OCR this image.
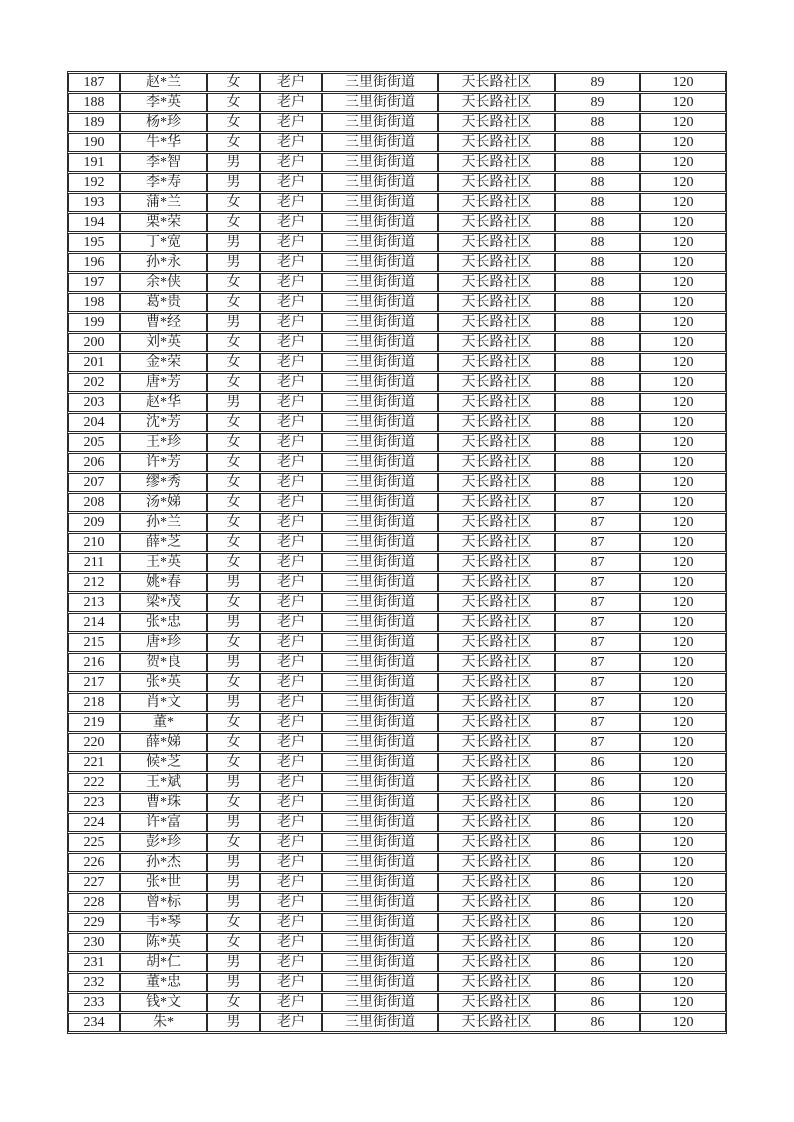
187	赵*兰	女	老户	三里街街道	天长路社区	89	120
188	李*英	女	老户	三里街街道	天长路社区	89	120
189	杨*珍	女	老户	三里街街道	天长路社区	88	120
190	牛*华	女	老户	三里街街道	天长路社区	88	120
191	李*智	男	老户	三里街街道	天长路社区	88	120
192	李*寿	男	老户	三里街街道	天长路社区	88	120
193	蒲*兰	女	老户	三里街街道	天长路社区	88	120
194	栗*荣	女	老户	三里街街道	天长路社区	88	120
195	丁*宽	男	老户	三里街街道	天长路社区	88	120
196	孙*永	男	老户	三里街街道	天长路社区	88	120
197	余*侠	女	老户	三里街街道	天长路社区	88	120
198	葛*贵	女	老户	三里街街道	天长路社区	88	120
199	曹*经	男	老户	三里街街道	天长路社区	88	120
200	刘*英	女	老户	三里街街道	天长路社区	88	120
201	金*荣	女	老户	三里街街道	天长路社区	88	120
202	唐*芳	女	老户	三里街街道	天长路社区	88	120
203	赵*华	男	老户	三里街街道	天长路社区	88	120
204	沈*芳	女	老户	三里街街道	天长路社区	88	120
205	王*珍	女	老户	三里街街道	天长路社区	88	120
206	许*芳	女	老户	三里街街道	天长路社区	88	120
207	缪*秀	女	老户	三里街街道	天长路社区	88	120
208	汤*娣	女	老户	三里街街道	天长路社区	87	120
209	孙*兰	女	老户	三里街街道	天长路社区	87	120
210	薛*芝	女	老户	三里街街道	天长路社区	87	120
211	王*英	女	老户	三里街街道	天长路社区	87	120
212	姚*春	男	老户	三里街街道	天长路社区	87	120
213	梁*茂	女	老户	三里街街道	天长路社区	87	120
214	张*忠	男	老户	三里街街道	天长路社区	87	120
215	唐*珍	女	老户	三里街街道	天长路社区	87	120
216	贺*良	男	老户	三里街街道	天长路社区	87	120
217	张*英	女	老户	三里街街道	天长路社区	87	120
218	肖*文	男	老户	三里街街道	天长路社区	87	120
219	董*	女	老户	三里街街道	天长路社区	87	120
220	薛*娣	女	老户	三里街街道	天长路社区	87	120
221	候*芝	女	老户	三里街街道	天长路社区	86	120
222	王*斌	男	老户	三里街街道	天长路社区	86	120
223	曹*珠	女	老户	三里街街道	天长路社区	86	120
224	许*富	男	老户	三里街街道	天长路社区	86	120
225	彭*珍	女	老户	三里街街道	天长路社区	86	120
226	孙*杰	男	老户	三里街街道	天长路社区	86	120
227	张*世	男	老户	三里街街道	天长路社区	86	120
228	曾*标	男	老户	三里街街道	天长路社区	86	120
229	韦*琴	女	老户	三里街街道	天长路社区	86	120
230	陈*英	女	老户	三里街街道	天长路社区	86	120
231	胡*仁	男	老户	三里街街道	天长路社区	86	120
232	董*忠	男	老户	三里街街道	天长路社区	86	120
233	钱*文	女	老户	三里街街道	天长路社区	86	120
234	朱*	男	老户	三里街街道	天长路社区	86	120
